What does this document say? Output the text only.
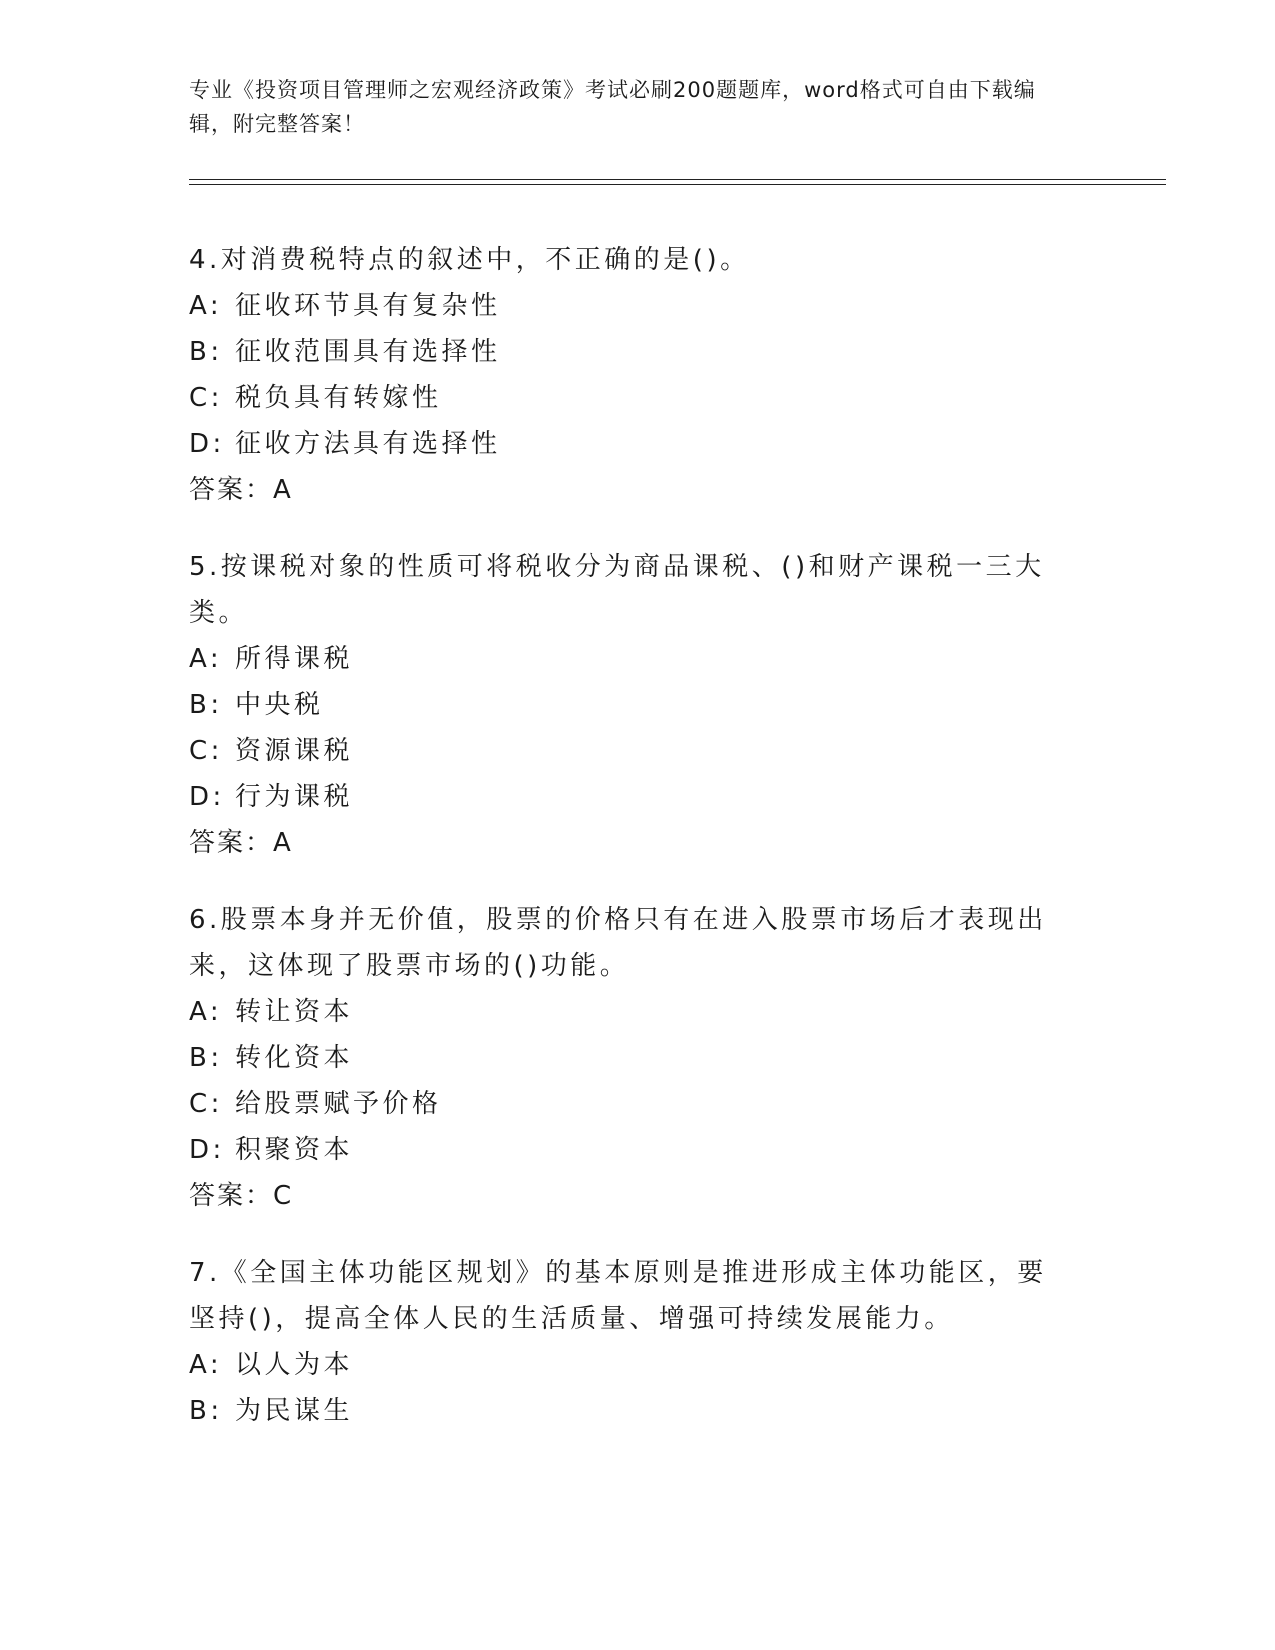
专业《投资项目管理师之宏观经济政策》考试必刷200题题库，word格式可自由下载编辑，附完整答案！

4.对消费税特点的叙述中，不正确的是()。

A: 征收环节具有复杂性

B: 征收范围具有选择性

C: 税负具有转嫁性

D: 征收方法具有选择性

答案：A

5.按课税对象的性质可将税收分为商品课税、()和财产课税一三大类。

A: 所得课税

B: 中央税

C: 资源课税

D: 行为课税

答案：A

6.股票本身并无价值，股票的价格只有在进入股票市场后才表现出来，这体现了股票市场的()功能。

A: 转让资本

B: 转化资本

C: 给股票赋予价格

D: 积聚资本

答案：C

7.《全国主体功能区规划》的基本原则是推进形成主体功能区，要坚持()，提高全体人民的生活质量、增强可持续发展能力。

A: 以人为本

B: 为民谋生
